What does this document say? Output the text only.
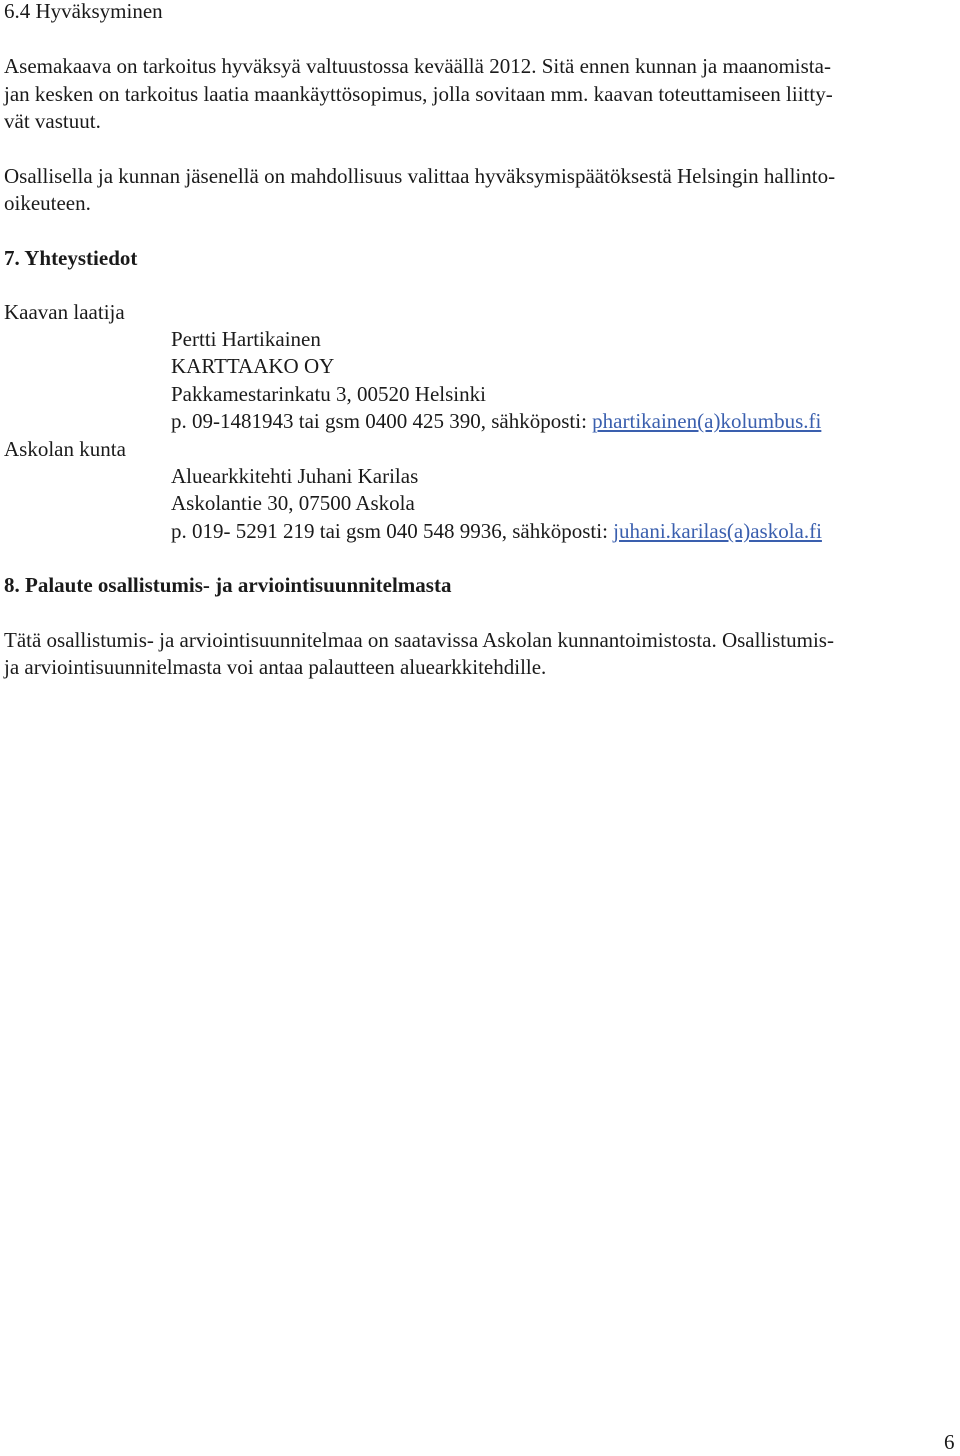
6.4 Hyväksyminen
Asemakaava on tarkoitus hyväksyä valtuustossa keväällä 2012. Sitä ennen kunnan ja maanomista-
jan kesken on tarkoitus laatia maankäyttösopimus, jolla sovitaan mm. kaavan toteuttamiseen liitty-
vät vastuut.
Osallisella ja kunnan jäsenellä on mahdollisuus valittaa hyväksymispäätöksestä Helsingin hallinto-
oikeuteen.
7. Yhteystiedot
Kaavan laatija
Pertti Hartikainen
KARTTAAKO OY
Pakkamestarinkatu 3, 00520 Helsinki
p. 09-1481943 tai gsm 0400 425 390, sähköposti: phartikainen(a)kolumbus.fi
Askolan kunta
Aluearkkitehti Juhani Karilas
Askolantie 30, 07500 Askola
p. 019- 5291 219 tai gsm 040 548 9936, sähköposti: juhani.karilas(a)askola.fi
8. Palaute osallistumis- ja arviointisuunnitelmasta
Tätä osallistumis- ja arviointisuunnitelmaa on saatavissa Askolan kunnantoimistosta. Osallistumis-
ja arviointisuunnitelmasta voi antaa palautteen aluearkkitehdille.
6
